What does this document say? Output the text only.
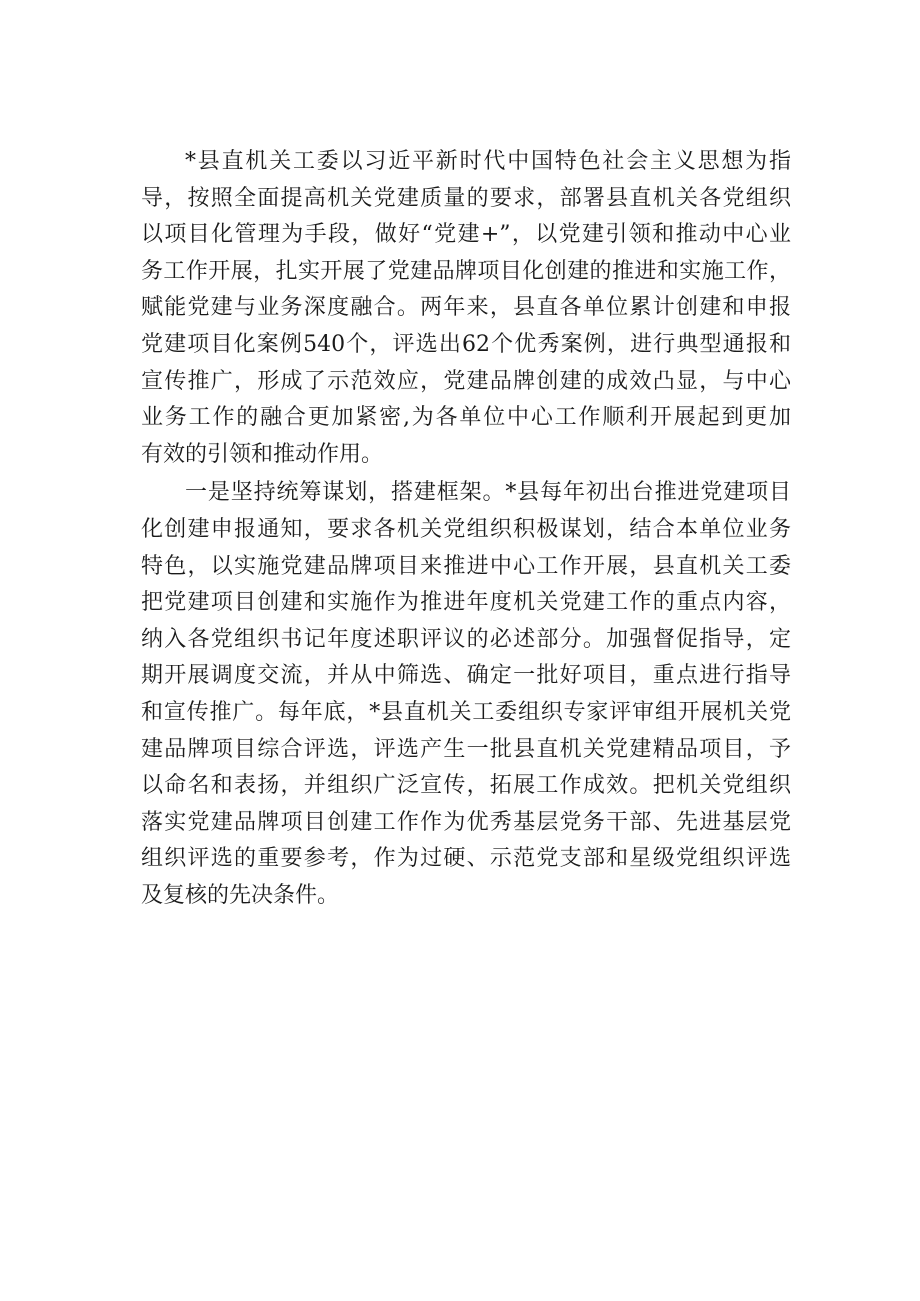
*县直机关工委以习近平新时代中国特色社会主义思想为指
导，按照全面提高机关党建质量的要求，部署县直机关各党组织
以项目化管理为手段，做好“党建+”，以党建引领和推动中心业
务工作开展，扎实开展了党建品牌项目化创建的推进和实施工作，
赋能党建与业务深度融合。两年来，县直各单位累计创建和申报
党建项目化案例540个，评选出62个优秀案例，进行典型通报和
宣传推广，形成了示范效应，党建品牌创建的成效凸显，与中心
业务工作的融合更加紧密,为各单位中心工作顺利开展起到更加
有效的引领和推动作用。

一是坚持统筹谋划，搭建框架。*县每年初出台推进党建项目
化创建申报通知，要求各机关党组织积极谋划，结合本单位业务
特色，以实施党建品牌项目来推进中心工作开展，县直机关工委
把党建项目创建和实施作为推进年度机关党建工作的重点内容，
纳入各党组织书记年度述职评议的必述部分。加强督促指导，定
期开展调度交流，并从中筛选、确定一批好项目，重点进行指导
和宣传推广。每年底，*县直机关工委组织专家评审组开展机关党
建品牌项目综合评选，评选产生一批县直机关党建精品项目，予
以命名和表扬，并组织广泛宣传，拓展工作成效。把机关党组织
落实党建品牌项目创建工作作为优秀基层党务干部、先进基层党
组织评选的重要参考，作为过硬、示范党支部和星级党组织评选
及复核的先决条件。
